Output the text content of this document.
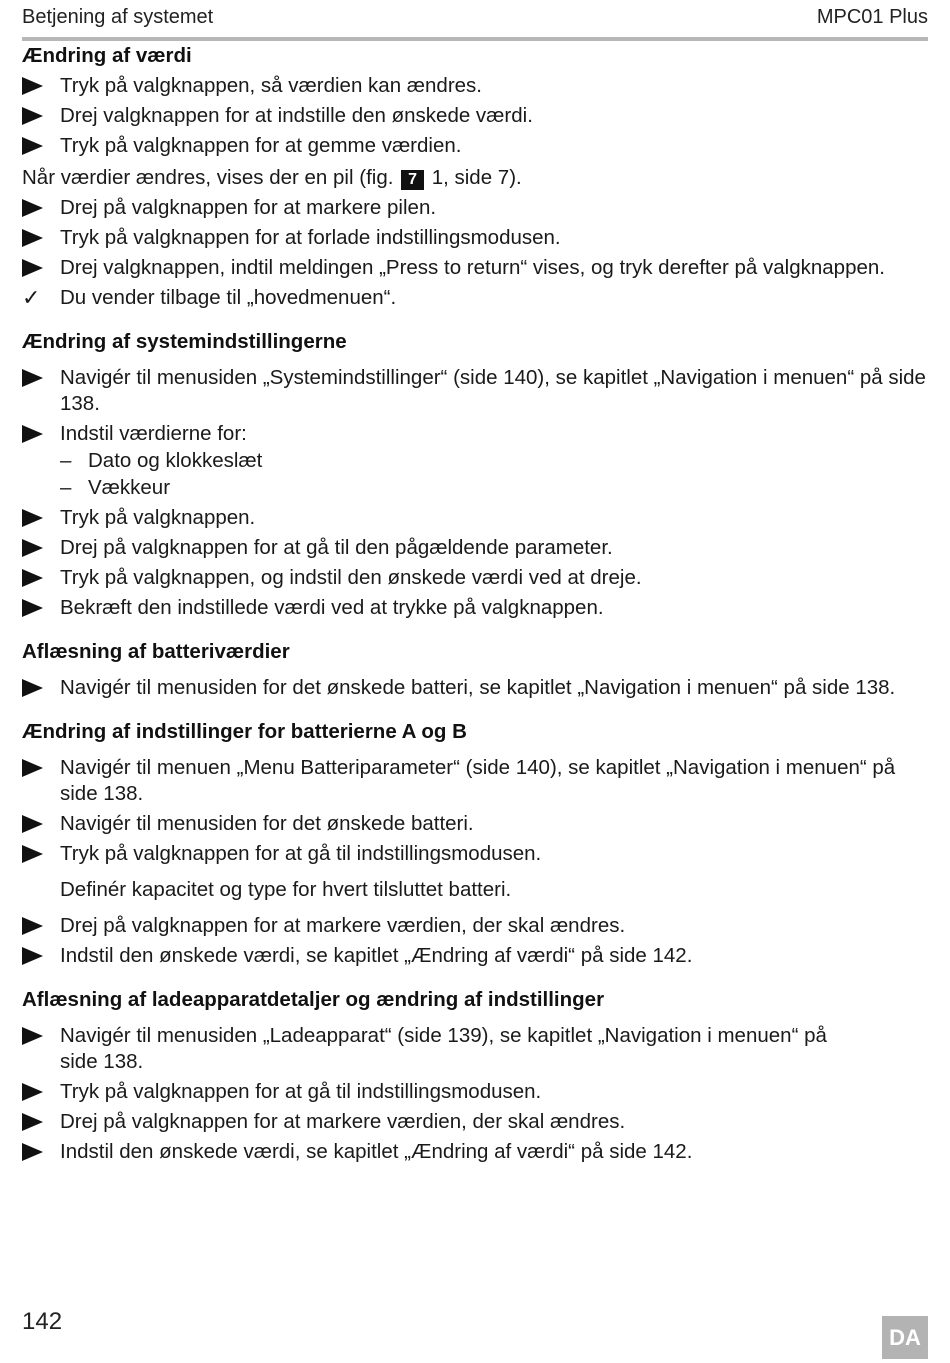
Betjening af systemet	MPC01 Plus
Ændring af værdi
Tryk på valgknappen, så værdien kan ændres.
Drej valgknappen for at indstille den ønskede værdi.
Tryk på valgknappen for at gemme værdien.
Når værdier ændres, vises der en pil (fig. 7 1, side 7).
Drej på valgknappen for at markere pilen.
Tryk på valgknappen for at forlade indstillingsmodusen.
Drej valgknappen, indtil meldingen „Press to return“ vises, og tryk derefter på valgknappen.
✓ Du vender tilbage til „hovedmenuen“.
Ændring af systemindstillingerne
Navigér til menusiden „Systemindstillinger“ (side 140), se kapitlet „Navigation i menuen“ på side 138.
Indstil værdierne for:
– Dato og klokkeslæt
– Vækkeur
Tryk på valgknappen.
Drej på valgknappen for at gå til den pågældende parameter.
Tryk på valgknappen, og indstil den ønskede værdi ved at dreje.
Bekræft den indstillede værdi ved at trykke på valgknappen.
Aflæsning af batteriværdier
Navigér til menusiden for det ønskede batteri, se kapitlet „Navigation i menuen“ på side 138.
Ændring af indstillinger for batterierne A og B
Navigér til menuen „Menu Batteriparameter“ (side 140), se kapitlet „Navigation i menuen“ på side 138.
Navigér til menusiden for det ønskede batteri.
Tryk på valgknappen for at gå til indstillingsmodusen.
Definér kapacitet og type for hvert tilsluttet batteri.
Drej på valgknappen for at markere værdien, der skal ændres.
Indstil den ønskede værdi, se kapitlet „Ændring af værdi“ på side 142.
Aflæsning af ladeapparatdetaljer og ændring af indstillinger
Navigér til menusiden „Ladeapparat“ (side 139), se kapitlet „Navigation i menuen“ på side 138.
Tryk på valgknappen for at gå til indstillingsmodusen.
Drej på valgknappen for at markere værdien, der skal ændres.
Indstil den ønskede værdi, se kapitlet „Ændring af værdi“ på side 142.
142
DA
